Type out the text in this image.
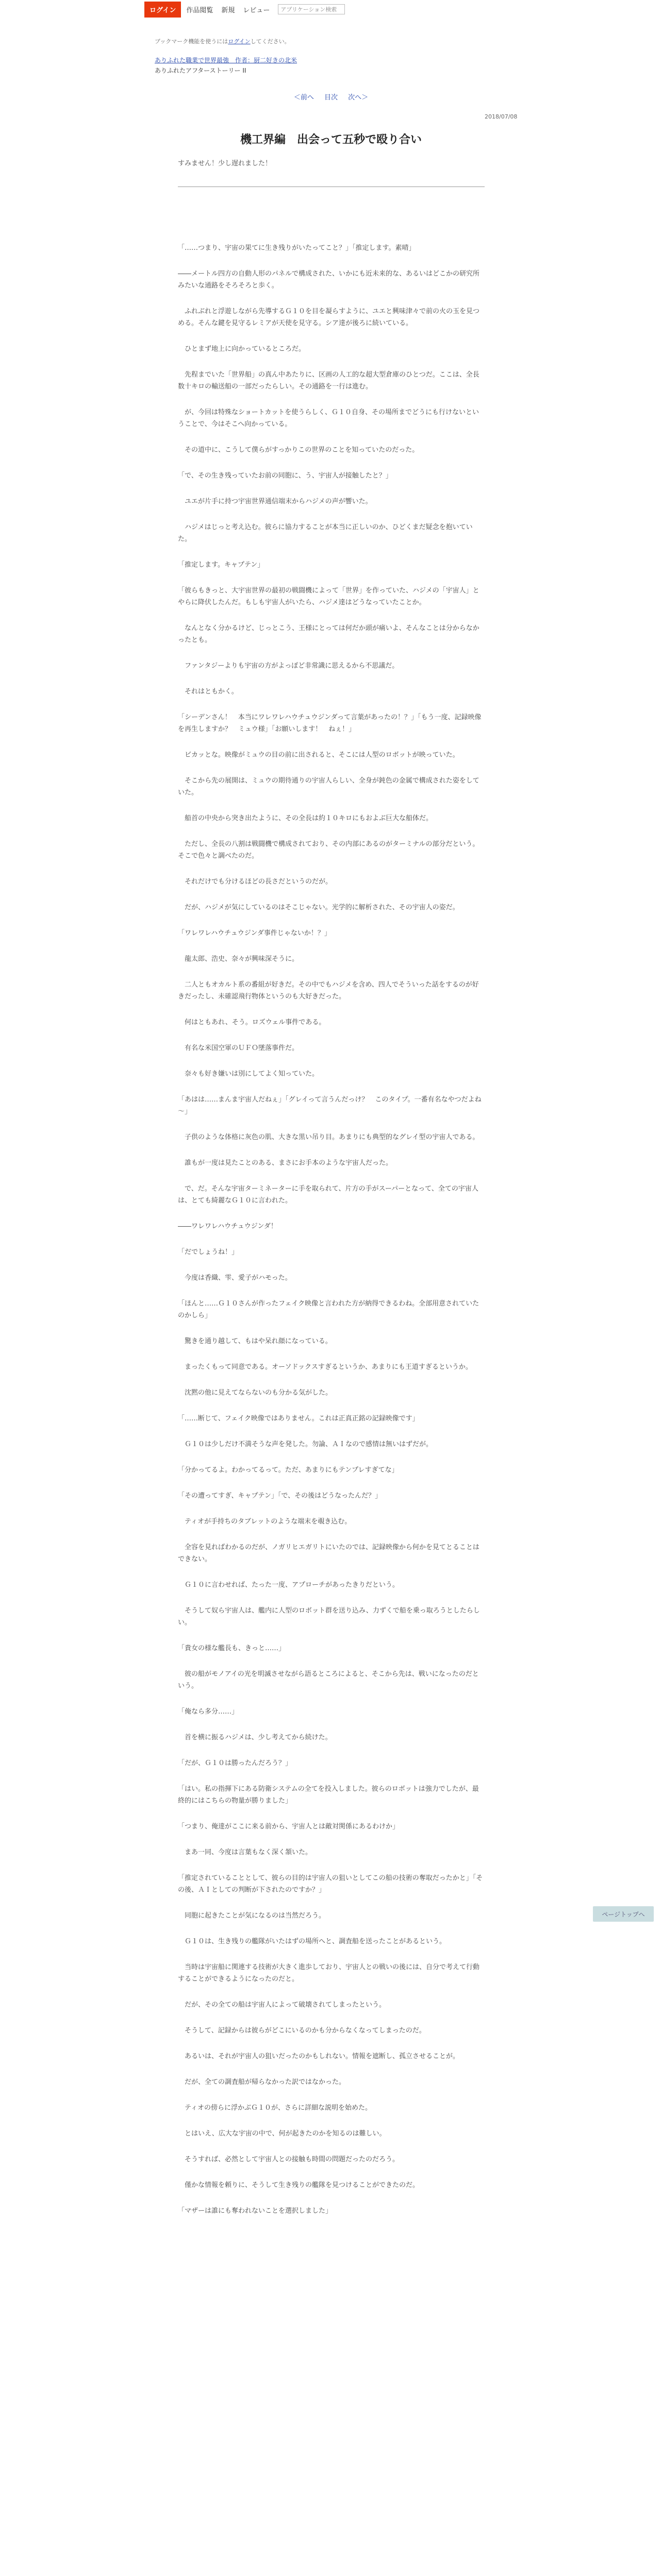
ログイン	作品閲覧 新規 レビュー	アプリケーション検索
ブックマーク機能を使うにはログインしてください。
ありふれた職業で世界最強　作者：厨二好きの北米
ありふれたアフターストーリー II
＜前へ 目次 次へ＞
2018/07/08
機工界編　出会って五秒で殴り合い
すみません！少し遅れました！

「……つまり、宇宙の果てに生き残りがいたってこと？」「推定します。素晴」

――メートル四方の自動人形のパネルで構成された、いかにも近未来的な、あるいはどこかの研究所みたいな通路をそろそろと歩く。

ふれぶれと浮遊しながら先導するＧ１０を目を凝らすように、ユエと興味津々で前の火の玉を見つめる。そんな鍵を見守るレミアが天使を見守る。シア達が後ろに続いている。

ひとまず地上に向かっているところだ。

先程までいた「世界船」の真ん中あたりに、区画の人工的な超大型倉庫のひとつだ。ここは、全長数十キロの輸送船の一部だったらしい。その通路を一行は進む。

が、今回は特殊なショートカットを使うらしく、Ｇ１０自身、その場所までどうにも行けないということで、今はそこへ向かっている。

その道中に、こうして僕らがすっかりこの世界のことを知っていたのだった。

「で、その生き残っていたお前の同胞に、う、宇宙人が接触したと？」

ユエが片手に持つ宇宙世界通信端末からハジメの声が響いた。

ハジメはじっと考え込む。彼らに協力することが本当に正しいのか、ひどくまだ疑念を抱いていた。

「推定します。キャプテン」

「彼らもきっと、大宇宙世界の最初の戦闘機によって「世界」を作っていた、ハジメの「宇宙人」とやらに降伏したんだ。もしも宇宙人がいたら、ハジメ達はどうなっていたことか。

なんとなく分かるけど、じっとこう、王様にとっては何だか頭が痛いよ、そんなことは分からなかったとも。

ファンタジーよりも宇宙の方がよっぽど非常識に思えるから不思議だ。

それはともかく。

「シーデンさん！　本当にワレワレハウチュウジンダって言葉があったの！？」「もう一度、記録映像を再生しますか？　ミュウ様」「お願いします！　ねぇ！」

ビカッとな。映像がミュウの目の前に出されると、そこには人型のロボットが映っていた。

そこから先の展開は、ミュウの期待通りの宇宙人らしい、全身が鈍色の金属で構成された姿をしていた。

船首の中央から突き出たように、その全長は約１０キロにもおよぶ巨大な船体だ。

ただし、全長の八割は戦闘機で構成されており、その内部にあるのがターミナルの部分だという。そこで色々と調べたのだ。

それだけでも分けるほどの長さだというのだが。

だが、ハジメが気にしているのはそこじゃない。光学的に解析された、その宇宙人の姿だ。

「ワレワレハウチュウジンダ事件じゃないか！？」

龍太郎、浩史、奈々が興味深そうに。

二人ともオカルト系の番組が好きだ。その中でもハジメを含め、四人でそういった話をするのが好きだったし、未確認飛行物体というのも大好きだった。

何はともあれ、そう。ロズウェル事件である。

有名な米国空軍のＵＦＯ墜落事件だ。

奈々も好き嫌いは別にしてよく知っていた。

「あはは……まんま宇宙人だねぇ」「グレイって言うんだっけ？　このタイプ。一番有名なやつだよね～」

子供のような体格に灰色の肌、大きな黒い吊り目。あまりにも典型的なグレイ型の宇宙人である。

誰もが一度は見たことのある、まさにお手本のような宇宙人だった。

で、だ。そんな宇宙ターミネーターに手を取られて、片方の手がスーパーとなって、全ての宇宙人は、とても綺麗なＧ１０に言われた。

――ワレワレハウチュウジンダ！

「だでしょうね！」

今度は香織、雫、愛子がハモった。

「ほんと……Ｇ１０さんが作ったフェイク映像と言われた方が納得できるわね。全部用意されていたのかしら」

驚きを通り越して、もはや呆れ顔になっている。

まったくもって同意である。オーソドックスすぎるというか、あまりにも王道すぎるというか。

沈黙の他に見えてならないのも分かる気がした。

「……断じて、フェイク映像ではありません。これは正真正銘の記録映像です」

Ｇ１０は少しだけ不満そうな声を発した。勿論、ＡＩなので感情は無いはずだが。

「分かってるよ。わかってるって。ただ、あまりにもテンプレすぎてな」

「その遭ってすぎ、キャプテン」「で、その後はどうなったんだ？」

ティオが手持ちのタブレットのような端末を覗き込む。

全容を見ればわかるのだが、ノガリヒエガリトにいたのでは、記録映像から何かを見てとることはできない。

Ｇ１０に言わせれば、たった一度、アプローチがあったきりだという。

そうして奴ら宇宙人は、艦内に人型のロボット群を送り込み、力ずくで船を乗っ取ろうとしたらしい。

「貴女の様な艦長も、きっと……」

彼の船がモノアイの光を明滅させながら語るところによると、そこから先は、戦いになったのだという。

「俺なら多分……」

首を横に振るハジメは、少し考えてから続けた。

「だが、Ｇ１０は勝ったんだろう？」

「はい。私の指揮下にある防衛システムの全てを投入しました。彼らのロボットは強力でしたが、最終的にはこちらの物量が勝りました」

「つまり、俺達がここに来る前から、宇宙人とは敵対関係にあるわけか」

まあ一同、今度は言葉もなく深く頷いた。

「推定されていることとして、彼らの目的は宇宙人の狙いとしてこの船の技術の奪取だったかと」「その後、ＡＩとしての判断が下されたのですか？」

同胞に起きたことが気になるのは当然だろう。

Ｇ１０は、生き残りの艦隊がいたはずの場所へと、調査船を送ったことがあるという。

当時は宇宙船に関連する技術が大きく進歩しており、宇宙人との戦いの後には、自分で考えて行動することができるようになったのだと。

だが、その全ての船は宇宙人によって破壊されてしまったという。

そうして、記録からは彼らがどこにいるのかも分からなくなってしまったのだ。

あるいは、それが宇宙人の狙いだったのかもしれない。情報を遮断し、孤立させることが。

だが、全ての調査船が帰らなかった訳ではなかった。

ティオの傍らに浮かぶＧ１０が、さらに詳細な説明を始めた。

とはいえ、広大な宇宙の中で、何が起きたのかを知るのは難しい。

そうすれば、必然として宇宙人との接触も時間の問題だったのだろう。

僅かな情報を頼りに、そうして生き残りの艦隊を見つけることができたのだ。

「マザーは誰にも奪われないことを選択しました」

ページトップへ
